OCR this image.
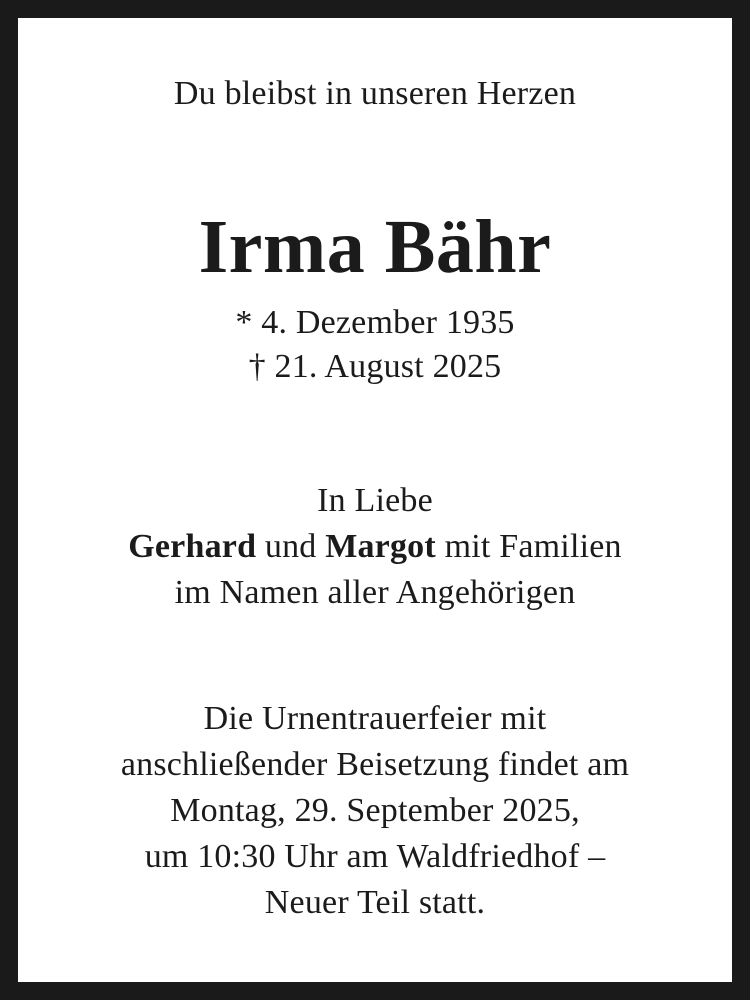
Du bleibst in unseren Herzen
Irma Bähr
* 4. Dezember 1935
† 21. August 2025
In Liebe
Gerhard und Margot mit Familien
im Namen aller Angehörigen
Die Urnentrauerfeier mit
anschließender Beisetzung findet am
Montag, 29. September 2025,
um 10:30 Uhr am Waldfriedhof –
Neuer Teil statt.
